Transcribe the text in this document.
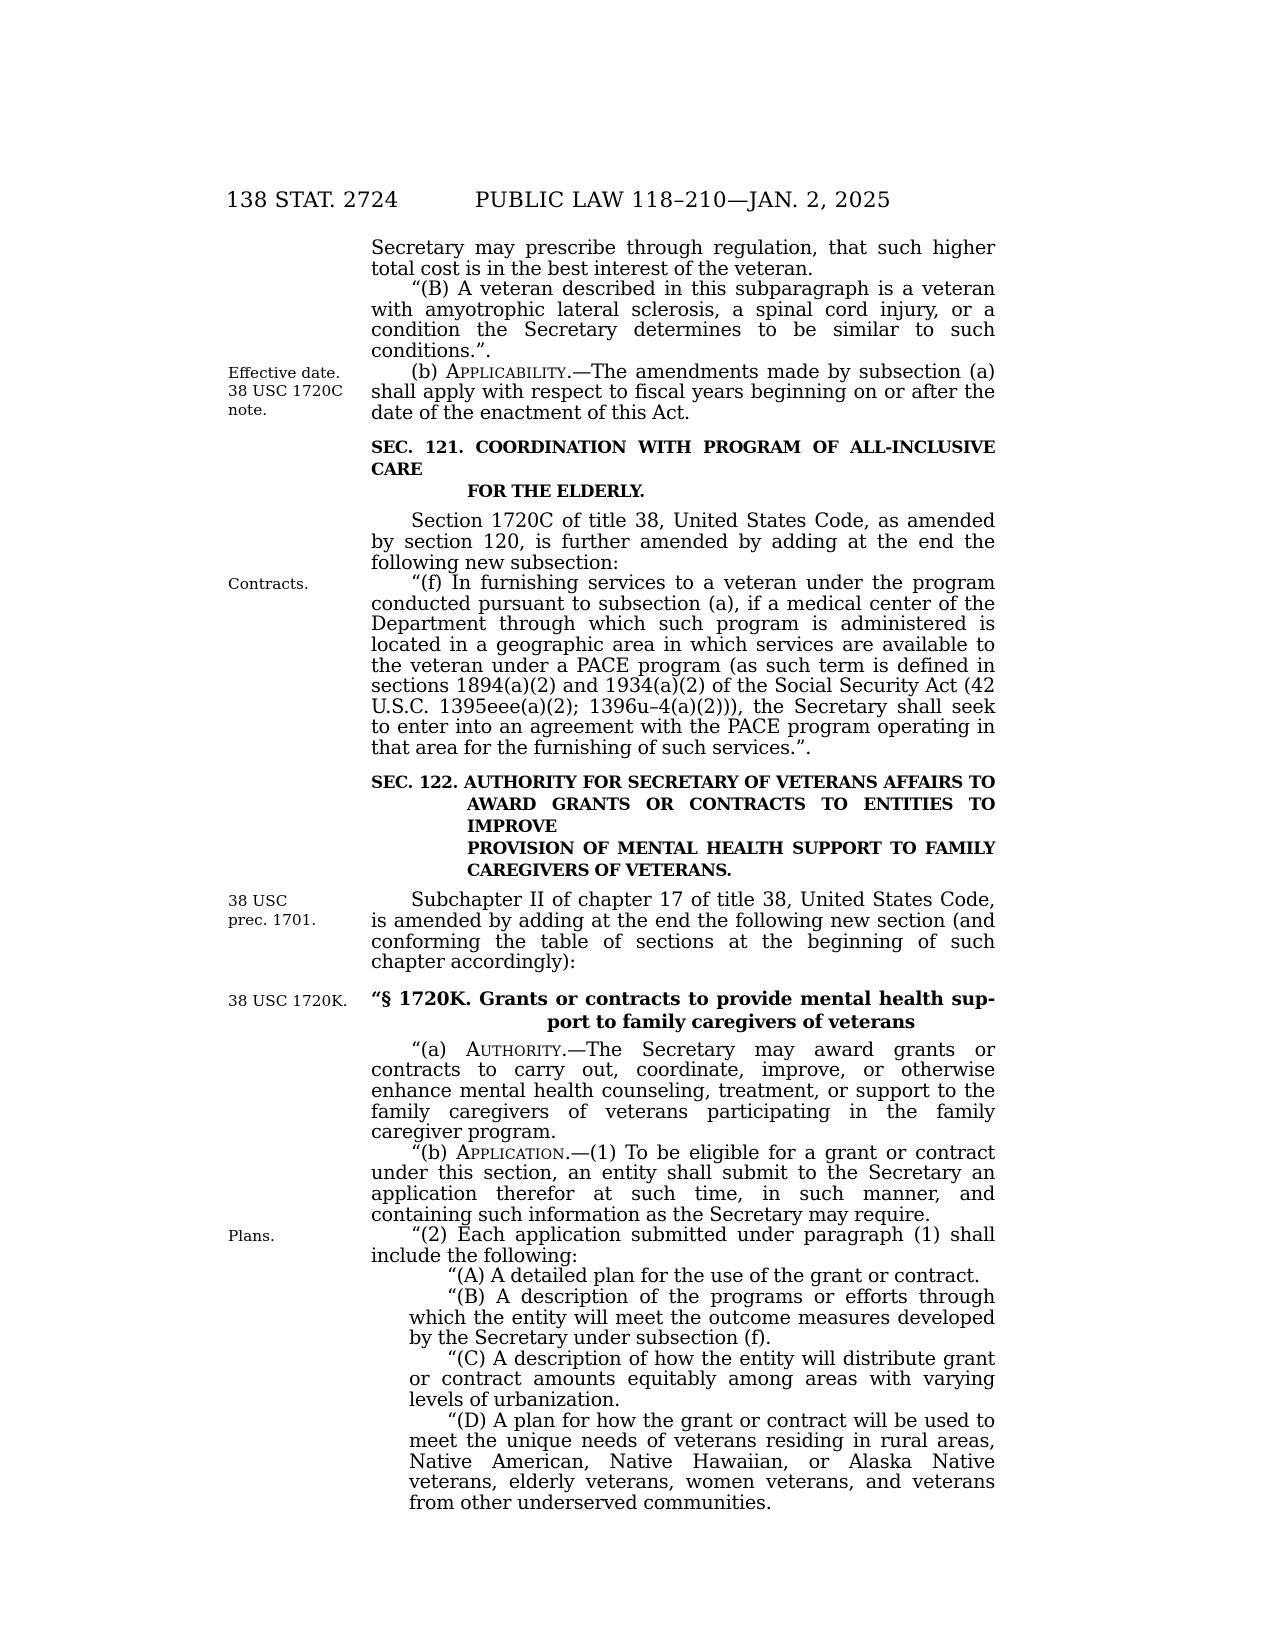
138 STAT. 2724	PUBLIC LAW 118–210—JAN. 2, 2025

Secretary may prescribe through regulation, that such higher total cost is in the best interest of the veteran.

“(B) A veteran described in this subparagraph is a veteran with amyotrophic lateral sclerosis, a spinal cord injury, or a condition the Secretary determines to be similar to such conditions.”.

(b) Applicability.—The amendments made by subsection (a) shall apply with respect to fiscal years beginning on or after the date of the enactment of this Act.
Effective date.
38 USC 1720C
note.

SEC. 121. COORDINATION WITH PROGRAM OF ALL-INCLUSIVE CARE
FOR THE ELDERLY.

Section 1720C of title 38, United States Code, as amended by section 120, is further amended by adding at the end the following new subsection:

“(f) In furnishing services to a veteran under the program conducted pursuant to subsection (a), if a medical center of the Department through which such program is administered is located in a geographic area in which services are available to the veteran under a PACE program (as such term is defined in sections 1894(a)(2) and 1934(a)(2) of the Social Security Act (42 U.S.C. 1395eee(a)(2); 1396u–4(a)(2))), the Secretary shall seek to enter into an agreement with the PACE program operating in that area for the furnishing of such services.”.
Contracts.

SEC. 122. AUTHORITY FOR SECRETARY OF VETERANS AFFAIRS TO
AWARD GRANTS OR CONTRACTS TO ENTITIES TO IMPROVE
PROVISION OF MENTAL HEALTH SUPPORT TO FAMILY
CAREGIVERS OF VETERANS.

Subchapter II of chapter 17 of title 38, United States Code, is amended by adding at the end the following new section (and conforming the table of sections at the beginning of such chapter accordingly):
38 USC
prec. 1701.

“§ 1720K. Grants or contracts to provide mental health sup-
port to family caregivers of veterans
38 USC 1720K.

“(a) Authority.—The Secretary may award grants or contracts to carry out, coordinate, improve, or otherwise enhance mental health counseling, treatment, or support to the family caregivers of veterans participating in the family caregiver program.

“(b) Application.—(1) To be eligible for a grant or contract under this section, an entity shall submit to the Secretary an application therefor at such time, in such manner, and containing such information as the Secretary may require.

“(2) Each application submitted under paragraph (1) shall include the following:
Plans.

“(A) A detailed plan for the use of the grant or contract.

“(B) A description of the programs or efforts through which the entity will meet the outcome measures developed by the Secretary under subsection (f).

“(C) A description of how the entity will distribute grant or contract amounts equitably among areas with varying levels of urbanization.

“(D) A plan for how the grant or contract will be used to meet the unique needs of veterans residing in rural areas, Native American, Native Hawaiian, or Alaska Native veterans, elderly veterans, women veterans, and veterans from other underserved communities.
